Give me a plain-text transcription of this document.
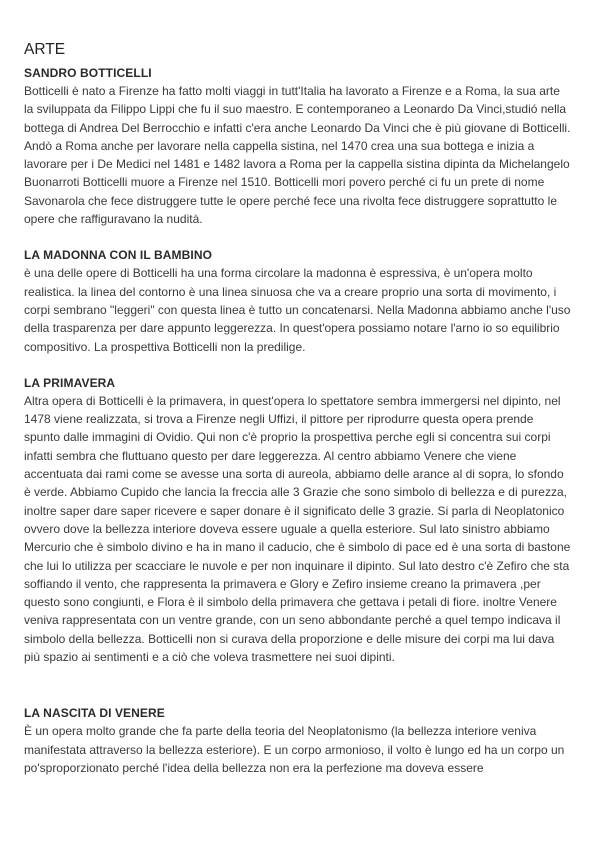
ARTE
SANDRO BOTTICELLI

Botticelli è nato a Firenze ha fatto molti viaggi in tutt'Italia ha lavorato a Firenze e a Roma, la sua arte la sviluppata da Filippo Lippi che fu il suo maestro. E contemporaneo a Leonardo Da Vinci,studió nella bottega di Andrea Del Berrocchio e infatti c'era anche Leonardo Da Vinci che è più giovane di Botticelli. Andò a Roma anche per lavorare nella cappella sistina, nel 1470 crea una sua bottega e inizia a lavorare per i De Medici nel 1481 e 1482 lavora a Roma per la cappella sistina dipinta da Michelangelo Buonarroti Botticelli muore a Firenze nel 1510. Botticelli mori povero perché ci fu un prete di nome Savonarola che fece distruggere tutte le opere perché fece una rivolta fece distruggere soprattutto le opere che raffiguravano la nudità.

LA MADONNA CON IL BAMBINO

è una delle opere di Botticelli ha una forma circolare la madonna è espressiva, è un'opera molto realistica. la linea del contorno è una linea sinuosa che va a creare proprio una sorta di movimento, i corpi sembrano "leggeri" con questa linea è tutto un concatenarsi. Nella Madonna abbiamo anche l'uso della trasparenza per dare appunto leggerezza. In quest'opera possiamo notare l'arno io so equilibrio compositivo. La prospettiva Botticelli non la predilige.

LA PRIMAVERA

Altra opera di Botticelli è la primavera, in quest'opera lo spettatore sembra immergersi nel dipinto, nel 1478 viene realizzata, si trova a Firenze negli Uffizi, il pittore per riprodurre questa opera prende spunto dalle immagini di Ovidio. Qui non c'è proprio la prospettiva perche egli si concentra sui corpi infatti sembra che fluttuano questo per dare leggerezza. Al centro abbiamo Venere che viene accentuata dai rami come se avesse una sorta di aureola, abbiamo delle arance al di sopra, lo sfondo è verde. Abbiamo Cupido che lancia la freccia alle 3 Grazie che sono simbolo di bellezza e di purezza, inoltre saper dare saper ricevere e saper donare è il significato delle 3 grazie. Si parla di Neoplatonico ovvero dove la bellezza interiore doveva essere uguale a quella esteriore. Sul lato sinistro abbiamo Mercurio che è simbolo divino e ha in mano il caducio, che è simbolo di pace ed è una sorta di bastone che lui lo utilizza per scacciare le nuvole e per non inquinare il dipinto. Sul lato destro c'è Zefiro che sta soffiando il vento, che rappresenta la primavera e Glory e Zefiro insieme creano la primavera ,per questo sono congiunti, e Flora è il simbolo della primavera che gettava i petali di fiore. inoltre Venere veniva rappresentata con un ventre grande, con un seno abbondante perché a quel tempo indicava il simbolo della bellezza. Botticelli non si curava della proporzione e delle misure dei corpi ma lui dava più spazio ai sentimenti e a ciò che voleva trasmettere nei suoi dipinti.

LA NASCITA DI VENERE

È un opera molto grande che fa parte della teoria del Neoplatonismo (la bellezza interiore veniva manifestata attraverso la bellezza esteriore). E un corpo armonioso, il volto è lungo ed ha un corpo un po'sproporzionato perché l'idea della bellezza non era la perfezione ma doveva essere
